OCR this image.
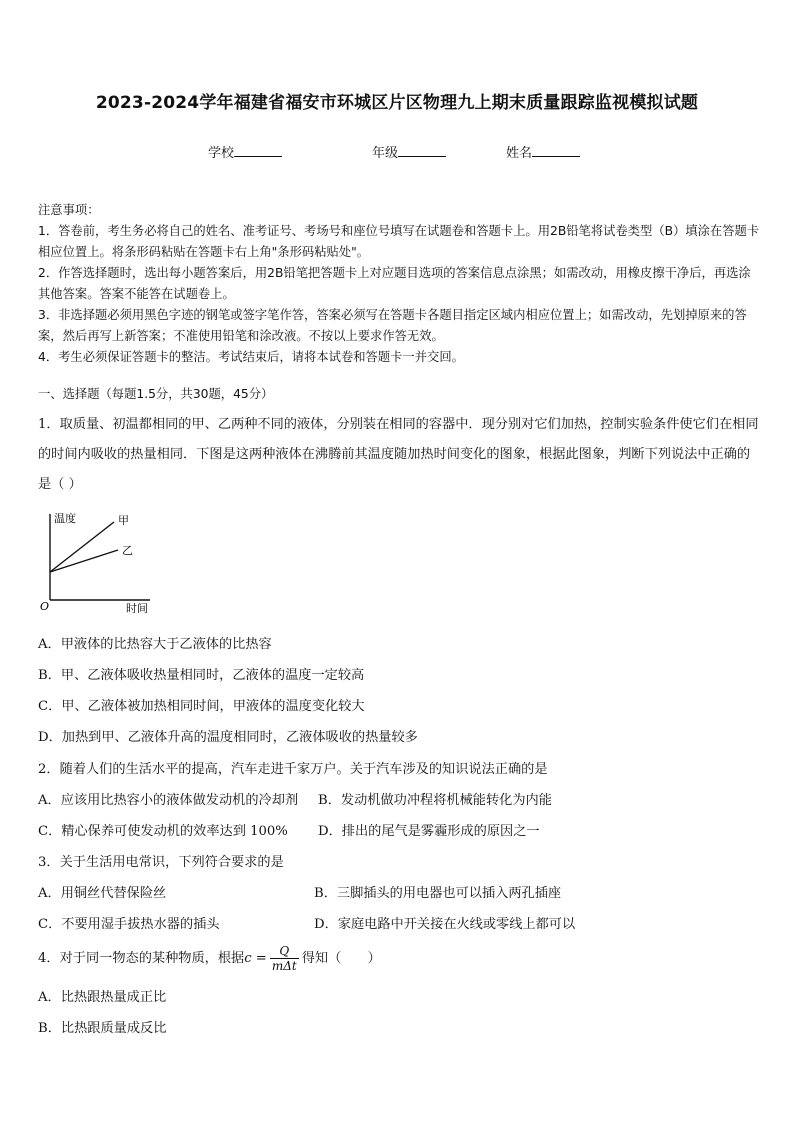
2023-2024学年福建省福安市环城区片区物理九上期末质量跟踪监视模拟试题
学校	年级	姓名

注意事项：

1．答卷前，考生务必将自己的姓名、准考证号、考场号和座位号填写在试题卷和答题卡上。用2B铅笔将试卷类型（B）填涂在答题卡相应位置上。将条形码粘贴在答题卡右上角"条形码粘贴处"。

2．作答选择题时，选出每小题答案后，用2B铅笔把答题卡上对应题目选项的答案信息点涂黑；如需改动，用橡皮擦干净后，再选涂其他答案。答案不能答在试题卷上。

3．非选择题必须用黑色字迹的钢笔或签字笔作答，答案必须写在答题卡各题目指定区域内相应位置上；如需改动，先划掉原来的答案，然后再写上新答案；不准使用铅笔和涂改液。不按以上要求作答无效。

4．考生必须保证答题卡的整洁。考试结束后，请将本试卷和答题卡一并交回。

一、选择题（每题1.5分，共30题，45分）

1．取质量、初温都相同的甲、乙两种不同的液体，分别装在相同的容器中．现分别对它们加热，控制实验条件使它们在相同的时间内吸收的热量相同．下图是这两种液体在沸腾前其温度随加热时间变化的图象，根据此图象，判断下列说法中正确的是（ ）

温度	甲
乙
O	时间
A．甲液体的比热容大于乙液体的比热容
B．甲、乙液体吸收热量相同时，乙液体的温度一定较高
C．甲、乙液体被加热相同时间，甲液体的温度变化较大
D．加热到甲、乙液体升高的温度相同时，乙液体吸收的热量较多
2．随着人们的生活水平的提高，汽车走进千家万户。关于汽车涉及的知识说法正确的是
A．应该用比热容小的液体做发动机的冷却剂 B．发动机做功冲程将机械能转化为内能
C．精心保养可使发动机的效率达到 100% D．排出的尾气是雾霾形成的原因之一
3．关于生活用电常识，下列符合要求的是
A．用铜丝代替保险丝	B．三脚插头的用电器也可以插入两孔插座
C．不要用湿手拔热水器的插头	D．家庭电路中开关接在火线或零线上都可以
4．对于同一物态的某种物质，根据$c = \frac{Q}{\text{mΔt}}$ 得知（　　）
A．比热跟热量成正比
B．比热跟质量成反比
